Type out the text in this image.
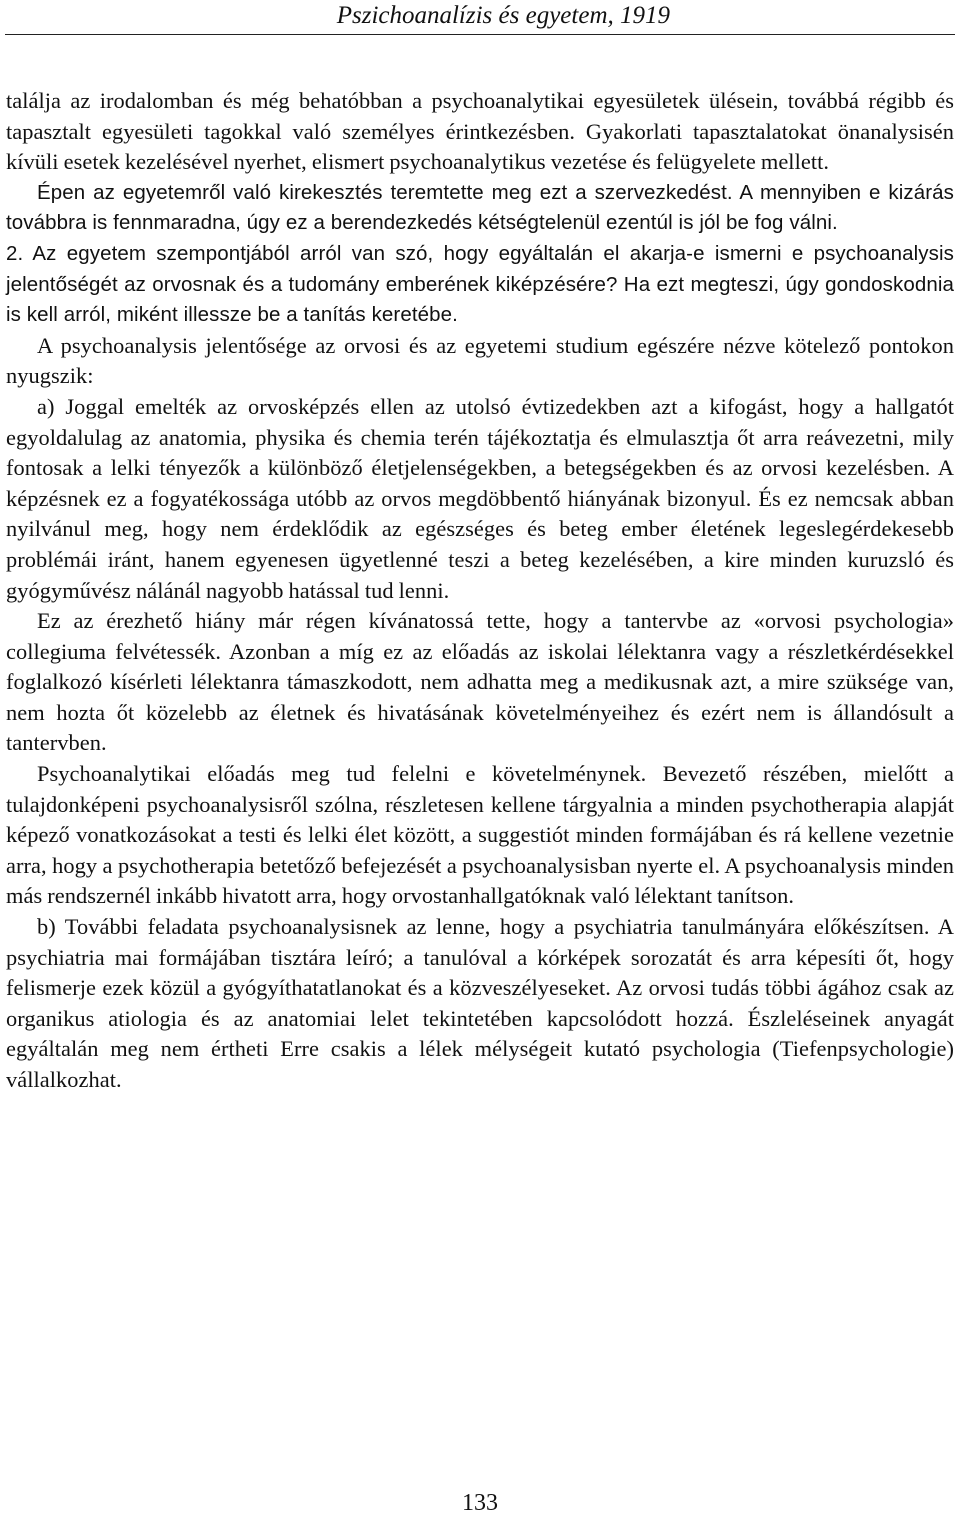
Pszichoanalízis és egyetem, 1919

találja az irodalomban és még behatóbban a psychoanalytikai egyesületek ülésein, továbbá régibb és tapasztalt egyesületi tagokkal való személyes érintkezésben. Gyakorlati tapasztalatokat önanalysisén kívüli esetek kezelésével nyerhet, elismert psychoanalytikus vezetése és felügyelete mellett.

Épen az egyetemről való kirekesztés teremtette meg ezt a szervezkedést. A mennyiben e kizárás továbbra is fennmaradna, úgy ez a berendezkedés kétségtelenül ezentúl is jól be fog válni.

2. Az egyetem szempontjából arról van szó, hogy egyáltalán el akarja-e ismerni e psychoanalysis jelentőségét az orvosnak és a tudomány emberének kiképzésére? Ha ezt megteszi, úgy gondoskodnia is kell arról, miként illessze be a tanítás keretébe.

A psychoanalysis jelentősége az orvosi és az egyetemi studium egészére nézve kötelező pontokon nyugszik:

a) Joggal emelték az orvosképzés ellen az utolsó évtizedekben azt a kifogást, hogy a hallgatót egyoldalulag az anatomia, physika és chemia terén tájékoztatja és elmulasztja őt arra reávezetni, mily fontosak a lelki tényezők a különböző életjelenségekben, a betegségekben és az orvosi kezelésben. A képzésnek ez a fogyatékossága utóbb az orvos megdöbbentő hiányának bizonyul. És ez nemcsak abban nyilvánul meg, hogy nem érdeklődik az egészséges és beteg ember életének legeslegérdekesebb problémái iránt, hanem egyenesen ügyetlenné teszi a beteg kezelésében, a kire minden kuruzsló és gyógyművész nálánál nagyobb hatással tud lenni.

Ez az érezhető hiány már régen kívánatossá tette, hogy a tantervbe az «orvosi psychologia» collegiuma felvétessék. Azonban a míg ez az előadás az iskolai lélektanra vagy a részletkérdésekkel foglalkozó kísérleti lélektanra támaszkodott, nem adhatta meg a medikusnak azt, a mire szüksége van, nem hozta őt közelebb az életnek és hivatásának követelményeihez és ezért nem is állandósult a tantervben.

Psychoanalytikai előadás meg tud felelni e követelménynek. Bevezető részében, mielőtt a tulajdonképeni psychoanalysisről szólna, részletesen kellene tárgyalnia a minden psychotherapia alapját képező vonatkozásokat a testi és lelki élet között, a suggestiót minden formájában és rá kellene vezetnie arra, hogy a psychotherapia betetőző befejezését a psychoanalysisban nyerte el. A psychoanalysis minden más rendszernél inkább hivatott arra, hogy orvostanhallgatóknak való lélektant tanítson.

b) További feladata psychoanalysisnek az lenne, hogy a psychiatria tanulmányára előkészítsen. A psychiatria mai formájában tisztára leíró; a tanulóval a kórképek sorozatát és arra képesíti őt, hogy felismerje ezek közül a gyógyíthatatlanokat és a közveszélyeseket. Az orvosi tudás többi ágához csak az organikus atiologia és az anatomiai lelet tekintetében kapcsolódott hozzá. Észleléseinek anyagát egyáltalán meg nem értheti Erre csakis a lélek mélységeit kutató psychologia (Tiefenpsychologie) vállalkozhat.

133
